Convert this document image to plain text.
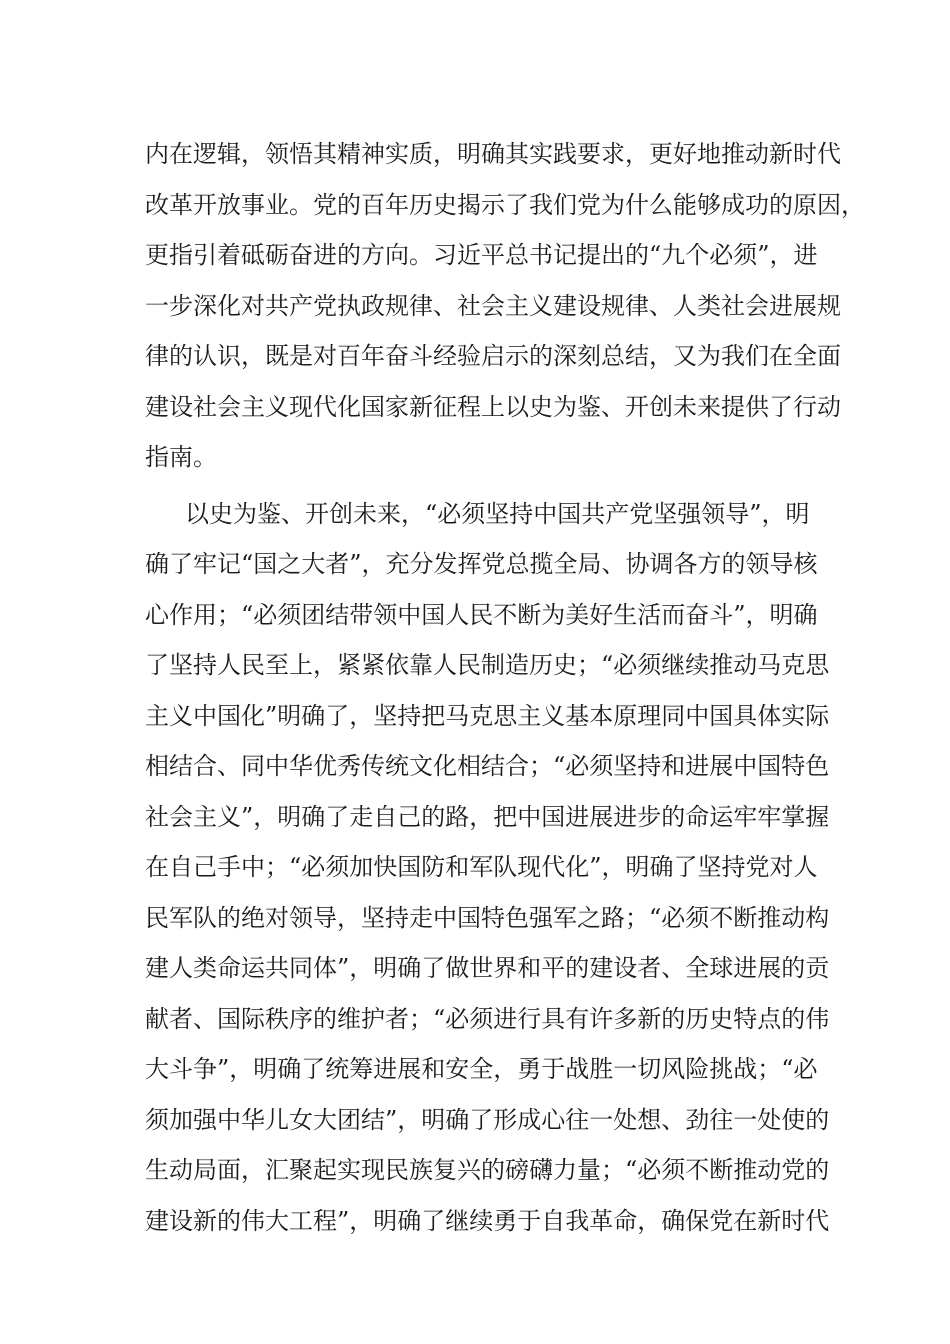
内在逻辑，领悟其精神实质，明确其实践要求，更好地推动新时代
改革开放事业。党的百年历史揭示了我们党为什么能够成功的原因，
更指引着砥砺奋进的方向。习近平总书记提出的“九个必须”，进
一步深化对共产党执政规律、社会主义建设规律、人类社会进展规
律的认识，既是对百年奋斗经验启示的深刻总结，又为我们在全面
建设社会主义现代化国家新征程上以史为鉴、开创未来提供了行动
指南。
以史为鉴、开创未来，“必须坚持中国共产党坚强领导”，明
确了牢记“国之大者”，充分发挥党总揽全局、协调各方的领导核
心作用；“必须团结带领中国人民不断为美好生活而奋斗”，明确
了坚持人民至上，紧紧依靠人民制造历史；“必须继续推动马克思
主义中国化”明确了，坚持把马克思主义基本原理同中国具体实际
相结合、同中华优秀传统文化相结合；“必须坚持和进展中国特色
社会主义”，明确了走自己的路，把中国进展进步的命运牢牢掌握
在自己手中；“必须加快国防和军队现代化”，明确了坚持党对人
民军队的绝对领导，坚持走中国特色强军之路；“必须不断推动构
建人类命运共同体”，明确了做世界和平的建设者、全球进展的贡
献者、国际秩序的维护者；“必须进行具有许多新的历史特点的伟
大斗争”，明确了统筹进展和安全，勇于战胜一切风险挑战；“必
须加强中华儿女大团结”，明确了形成心往一处想、劲往一处使的
生动局面，汇聚起实现民族复兴的磅礴力量；“必须不断推动党的
建设新的伟大工程”，明确了继续勇于自我革命，确保党在新时代
